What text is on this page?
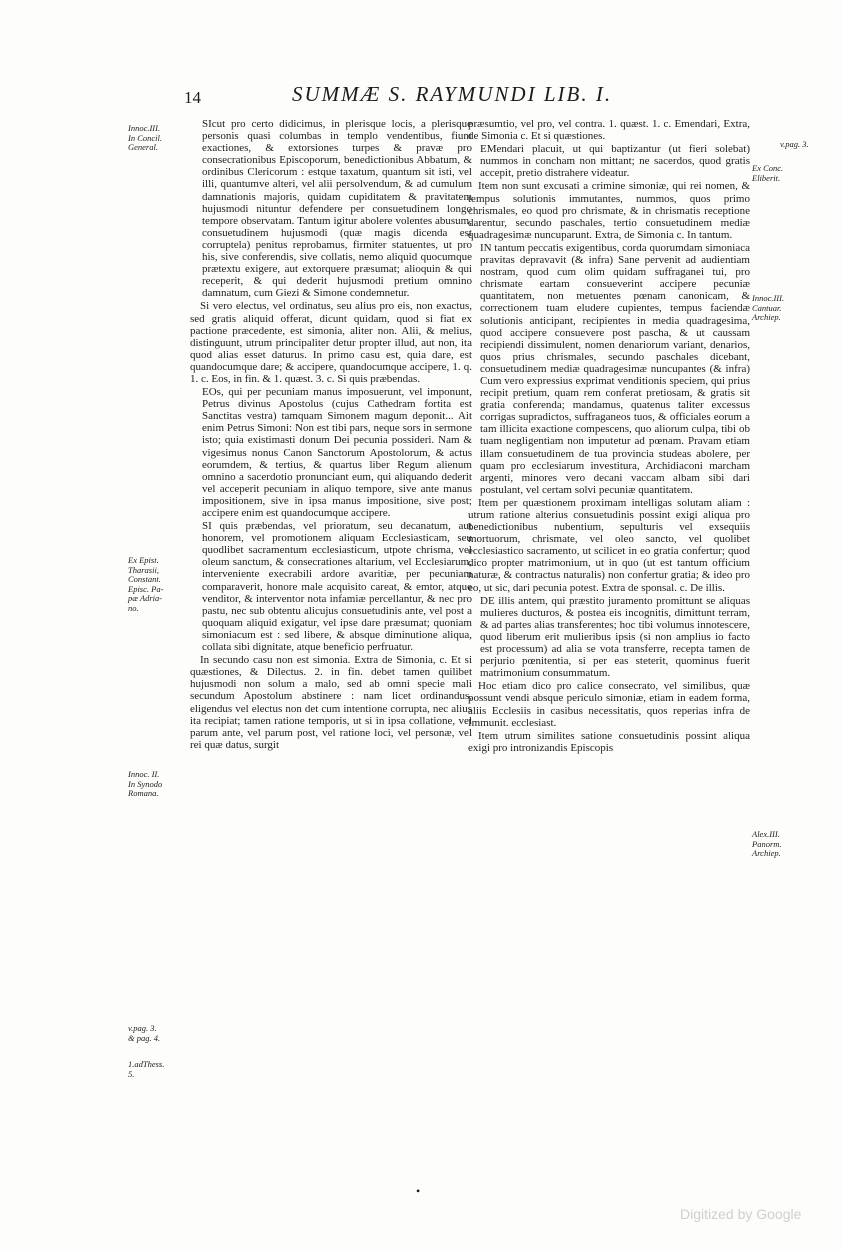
14	SUMMÆ S. RAYMUNDI LIB. I.
Innoc.III.
In Concil.
General.
Ex Epist.
Tharasii,
Constant.
Episc. Pa-
pæ Adria-
no.
Innoc. II.
In Synodo
Romana.
v.pag. 3.
& pag. 4.
1.adThess.
5.
Ex Conc.
Eliberit.
v.pag. 3.
Innoc.III.
Cantuar.
Archiep.
Alex.III.
Panorm.
Archiep.

SIcut pro certo didicimus, in plerisque locis, a plerisque personis quasi columbas in templo vendentibus, fiunt exactiones, & extorsiones turpes & pravæ pro consecrationibus Episcoporum, benedictionibus Abbatum, & ordinibus Clericorum : estque taxatum, quantum sit isti, vel illi, quantumve alteri, vel alii persolvendum, & ad cumulum damnationis majoris, quidam cupiditatem & pravitatem hujusmodi nituntur defendere per consuetudinem longo tempore observatam. Tantum igitur abolere volentes abusum, consuetudinem hujusmodi (quæ magis dicenda est corruptela) penitus reprobamus, firmiter statuentes, ut pro his, sive conferendis, sive collatis, nemo aliquid quocumque prætextu exigere, aut extorquere præsumat; alioquin & qui receperit, & qui dederit hujusmodi pretium omnino damnatum, cum Giezi & Simone condemnetur.

Si vero electus, vel ordinatus, seu alius pro eis, non exactus, sed gratis aliquid offerat, dicunt quidam, quod si fiat ex pactione præcedente, est simonia, aliter non. Alii, & melius, distinguunt, utrum principaliter detur propter illud, aut non, ita quod alias esset daturus. In primo casu est, quia dare, est quandocumque dare; & accipere, quandocumque accipere, 1. q. 1. c. Eos, in fin. & 1. quæst. 3. c. Si quis præbendas.

EOs, qui per pecuniam manus imposuerunt, vel imponunt, Petrus divinus Apostolus (cujus Cathedram fortita est Sanctitas vestra) tamquam Simonem magum deponit... Ait enim Petrus Simoni: Non est tibi pars, neque sors in sermone isto; quia existimasti donum Dei pecunia possideri. Nam & vigesimus nonus Canon Sanctorum Apostolorum, & actus eorumdem, & tertius, & quartus liber Regum alienum omnino a sacerdotio pronunciant eum, qui aliquando dederit vel acceperit pecuniam in aliquo tempore, sive ante manus impositionem, sive in ipsa manus impositione, sive post; accipere enim est quandocumque accipere.

SI quis præbendas, vel prioratum, seu decanatum, aut honorem, vel promotionem aliquam Ecclesiasticam, seu quodlibet sacramentum ecclesiasticum, utpote chrisma, vel oleum sanctum, & consecrationes altarium, vel Ecclesiarum, interveniente execrabili ardore avaritiæ, per pecuniam comparaverit, honore male acquisito careat, & emtor, atque venditor, & interventor nota infamiæ percellantur, & nec pro pastu, nec sub obtentu alicujus consuetudinis ante, vel post a quoquam aliquid exigatur, vel ipse dare præsumat; quoniam simoniacum est : sed libere, & absque diminutione aliqua, collata sibi dignitate, atque beneficio perfruatur.

In secundo casu non est simonia. Extra de Simonia, c. Et si quæstiones, & Dilectus. 2. in fin. debet tamen quilibet hujusmodi non solum a malo, sed ab omni specie mali secundum Apostolum abstinere : nam licet ordinandus, eligendus vel electus non det cum intentione corrupta, nec alius ita recipiat; tamen ratione temporis, ut si in ipsa collatione, vel parum ante, vel parum post, vel ratione loci, vel personæ, vel rei quæ datus, surgit

præsumtio, vel pro, vel contra. 1. quæst. 1. c. Emendari, Extra, de Simonia c. Et si quæstiones.

EMendari placuit, ut qui baptizantur (ut fieri solebat) nummos in concham non mittant; ne sacerdos, quod gratis accepit, pretio distrahere videatur.

Item non sunt excusati a crimine simoniæ, qui rei nomen, & tempus solutionis immutantes, nummos, quos primo chrismales, eo quod pro chrismate, & in chrismatis receptione darentur, secundo paschales, tertio consuetudinem mediæ quadragesimæ nuncuparunt. Extra, de Simonia c. In tantum.

IN tantum peccatis exigentibus, corda quorumdam simoniaca pravitas depravavit (& infra) Sane pervenit ad audientiam nostram, quod cum olim quidam suffraganei tui, pro chrismate eartam consueverint accipere pecuniæ quantitatem, non metuentes pœnam canonicam, & correctionem tuam eludere cupientes, tempus faciendæ solutionis anticipant, recipientes in media quadragesima, quod accipere consuevere post pascha, & ut caussam recipiendi dissimulent, nomen denariorum variant, denarios, quos prius chrismales, secundo paschales dicebant, consuetudinem mediæ quadragesimæ nuncupantes (& infra) Cum vero expressius exprimat venditionis speciem, qui prius recipit pretium, quam rem conferat pretiosam, & gratis sit gratia conferenda; mandamus, quatenus taliter excessus corrigas supradictos, suffraganeos tuos, & officiales eorum a tam illicita exactione compescens, quo aliorum culpa, tibi ob tuam negligentiam non imputetur ad pœnam. Pravam etiam illam consuetudinem de tua provincia studeas abolere, per quam pro ecclesiarum investitura, Archidiaconi marcham argenti, minores vero decani vaccam albam sibi dari postulant, vel certam solvi pecuniæ quantitatem.

Item per quæstionem proximam intelligas solutam aliam : utrum ratione alterius consuetudinis possint exigi aliqua pro benedictionibus nubentium, sepulturis vel exsequiis mortuorum, chrismate, vel oleo sancto, vel quolibet ecclesiastico sacramento, ut scilicet in eo gratia confertur; quod dico propter matrimonium, ut in quo (ut est tantum officium naturæ, & contractus naturalis) non confertur gratia; & ideo pro eo, ut sic, dari pecunia potest. Extra de sponsal. c. De illis.

DE illis antem, qui præstito juramento promittunt se aliquas mulieres ducturos, & postea eis incognitis, dimittunt terram, & ad partes alias transferentes; hoc tibi volumus innotescere, quod liberum erit mulieribus ipsis (si non amplius io facto est processum) ad alia se vota transferre, recepta tamen de perjurio pœnitentia, si per eas steterit, quominus fuerit matrimonium consummatum.

Hoc etiam dico pro calice consecrato, vel similibus, quæ possunt vendi absque periculo simoniæ, etiam in eadem forma, aliis Ecclesiis in casibus necessitatis, quos reperias infra de Immunit. ecclesiast.

Item utrum similites satione consuetudinis possint aliqua exigi pro intronizandis Episcopis

•
Digitized by Google
